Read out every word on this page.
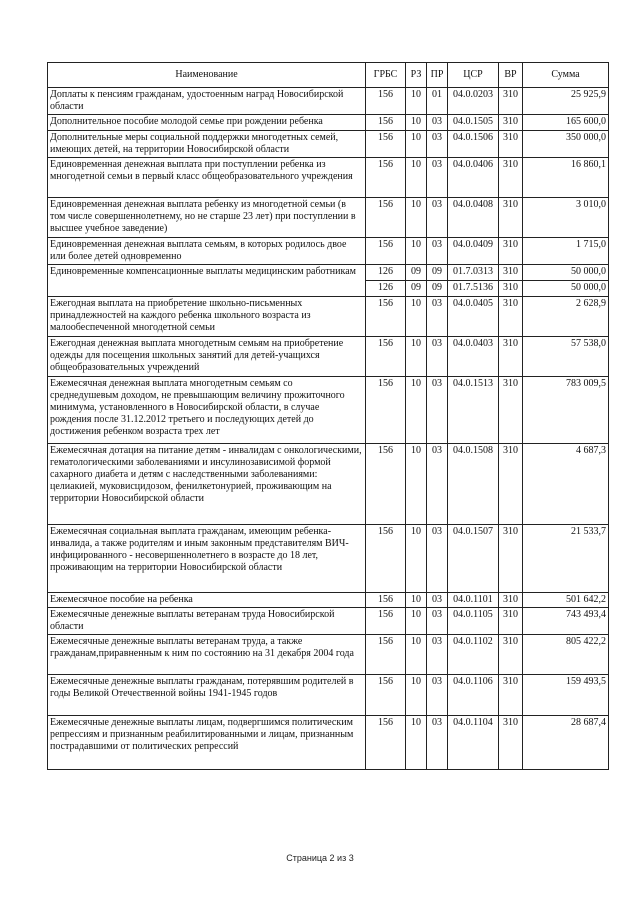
Наименование	ГРБС	РЗ	ПР	ЦСР	ВР	Сумма
Доплаты к пенсиям гражданам, удостоенным наград Новосибирской области	156	10	01	04.0.0203	310	25 925,9
Дополнительное пособие молодой семье при рождении ребенка	156	10	03	04.0.1505	310	165 600,0
Дополнительные меры социальной поддержки многодетных семей, имеющих детей, на территории Новосибирской области	156	10	03	04.0.1506	310	350 000,0
Единовременная денежная выплата при поступлении ребенка из многодетной семьи в первый класс общеобразовательного учреждения	156	10	03	04.0.0406	310	16 860,1
Единовременная денежная выплата ребенку из многодетной семьи (в том числе совершеннолетнему, но не старше 23 лет) при поступлении в высшее учебное заведение)	156	10	03	04.0.0408	310	3 010,0
Единовременная денежная выплата семьям, в которых родилось двое или более детей одновременно	156	10	03	04.0.0409	310	1 715,0
Единовременные компенсационные выплаты медицинским работникам	126	09	09	01.7.0313	310	50 000,0
	126	09	09	01.7.5136	310	50 000,0
Ежегодная выплата на приобретение школьно-письменных принадлежностей на каждого ребенка школьного возраста из малообеспеченной многодетной семьи	156	10	03	04.0.0405	310	2 628,9
Ежегодная денежная выплата многодетным семьям на приобретение одежды для посещения школьных занятий для детей-учащихся общеобразовательных учреждений	156	10	03	04.0.0403	310	57 538,0
Ежемесячная денежная выплата многодетным семьям со среднедушевым доходом, не превышающим величину прожиточного минимума, установленного в Новосибирской области, в случае рождения после 31.12.2012 третьего и последующих детей до достижения ребенком возраста трех лет	156	10	03	04.0.1513	310	783 009,5
Ежемесячная дотация на питание детям - инвалидам с онкологическими, гематологическими заболеваниями и инсулинозависимой формой сахарного диабета и детям с наследственными заболеваниями: целиакией, муковисцидозом, фенилкетонурией, проживающим на территории Новосибирской области	156	10	03	04.0.1508	310	4 687,3
Ежемесячная социальная выплата гражданам, имеющим ребенка-инвалида, а также родителям и иным законным представителям ВИЧ-инфицированного - несовершеннолетнего в возрасте до 18 лет, проживающим на территории Новосибирской области	156	10	03	04.0.1507	310	21 533,7
Ежемесячное пособие на ребенка	156	10	03	04.0.1101	310	501 642,2
Ежемесячные денежные выплаты ветеранам труда Новосибирской области	156	10	03	04.0.1105	310	743 493,4
Ежемесячные денежные выплаты ветеранам труда, а также гражданам,приравненным к ним по состоянию на 31 декабря 2004 года	156	10	03	04.0.1102	310	805 422,2
Ежемесячные денежные выплаты гражданам, потерявшим родителей в годы Великой Отечественной войны 1941-1945 годов	156	10	03	04.0.1106	310	159 493,5
Ежемесячные денежные выплаты лицам, подвергшимся политическим репрессиям и признанным реабилитированными и лицам, признанным пострадавшими от политических репрессий	156	10	03	04.0.1104	310	28 687,4
Страница 2 из 3
